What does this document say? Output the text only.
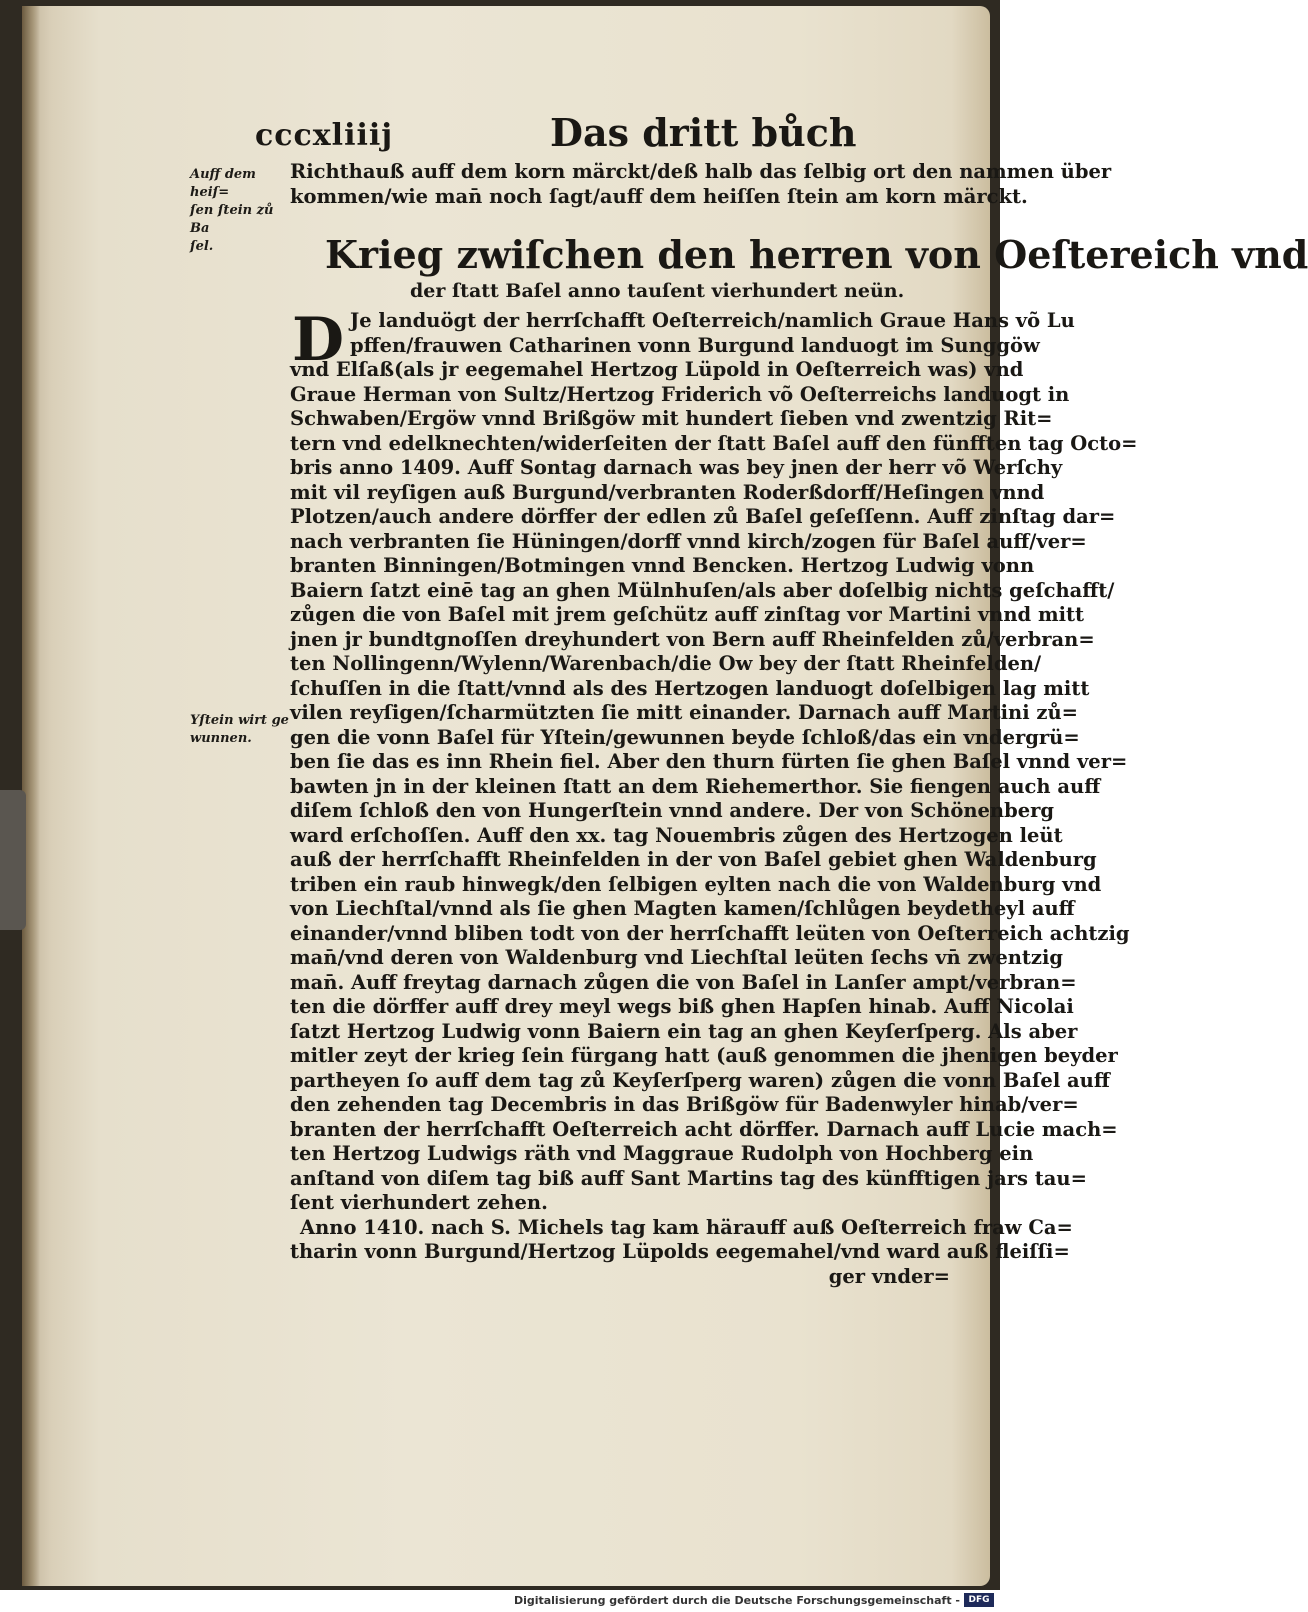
cccxliiij	Das dritt bůch
Auff dem heiſ=
ſen ſtein zů Ba
ſel.
Yſtein wirt ge
wunnen.
Richthauß auff dem korn märckt/deß halb das ſelbig ort den nammen über
kommen/wie man̄ noch ſagt/auff dem heiſſen ſtein am korn märckt.
Krieg zwiſchen den herren von Oeſtereich vnd
der ſtatt Baſel anno tauſent vierhundert neün.
D Je landuögt der herrſchafft Oeſterreich/namlich Graue Hans võ Lu
pffen/frauwen Catharinen vonn Burgund landuogt im Sunggöw
vnd Elſaß(als jr eegemahel Hertzog Lüpold in Oeſterreich was) vnd
Graue Herman von Sultz/Hertzog Friderich võ Oeſterreichs landuogt in
Schwaben/Ergöw vnnd Brißgöw mit hundert ſieben vnd zwentzig Rit=
tern vnd edelknechten/widerſeiten der ſtatt Baſel auff den fünfften tag Octo=
bris anno 1409. Auff Sontag darnach was bey jnen der herr võ Werſchy
mit vil reyſigen auß Burgund/verbranten Roderßdorff/Heſingen vnnd
Plotzen/auch andere dörffer der edlen zů Baſel geſeſſenn. Auff zinſtag dar=
nach verbranten ſie Hüningen/dorff vnnd kirch/zogen für Baſel auff/ver=
branten Binningen/Botmingen vnnd Bencken. Hertzog Ludwig vonn
Baiern ſatzt einē tag an ghen Mülnhuſen/als aber doſelbig nichts geſchafft/
zůgen die von Baſel mit jrem geſchütz auff zinſtag vor Martini vnnd mitt
jnen jr bundtgnoſſen dreyhundert von Bern auff Rheinfelden zů/verbran=
ten Nollingenn/Wylenn/Warenbach/die Ow bey der ſtatt Rheinfelden/
ſchuſſen in die ſtatt/vnnd als des Hertzogen landuogt doſelbigen lag mitt
vilen reyſigen/ſcharmützten ſie mitt einander. Darnach auff Martini zů=
gen die vonn Baſel für Yſtein/gewunnen beyde ſchloß/das ein vndergrü=
ben ſie das es inn Rhein fiel. Aber den thurn fürten ſie ghen Baſel vnnd ver=
bawten jn in der kleinen ſtatt an dem Riehemerthor. Sie fiengen auch auff
diſem ſchloß den von Hungerſtein vnnd andere. Der von Schönenberg
ward erſchoſſen. Auff den xx. tag Nouembris zůgen des Hertzogen leüt
auß der herrſchafft Rheinfelden in der von Baſel gebiet ghen Waldenburg
triben ein raub hinwegk/den ſelbigen eylten nach die von Waldenburg vnd
von Liechſtal/vnnd als ſie ghen Magten kamen/ſchlůgen beydetheyl auff
einander/vnnd bliben todt von der herrſchafft leüten von Oeſterreich achtzig
man̄/vnd deren von Waldenburg vnd Liechſtal leüten ſechs vn̄ zwentzig
man̄. Auff freytag darnach zůgen die von Baſel in Lanſer ampt/verbran=
ten die dörffer auff drey meyl wegs biß ghen Hapſen hinab. Auff Nicolai
ſatzt Hertzog Ludwig vonn Baiern ein tag an ghen Keyſerſperg. Als aber
mitler zeyt der krieg ſein fürgang hatt (auß genommen die jhenigen beyder
partheyen ſo auff dem tag zů Keyſerſperg waren) zůgen die vonn Baſel auff
den zehenden tag Decembris in das Brißgöw für Badenwyler hinab/ver=
branten der herrſchafft Oeſterreich acht dörffer. Darnach auff Lucie mach=
ten Hertzog Ludwigs räth vnd Maggraue Rudolph von Hochberg ein
anſtand von diſem tag biß auff Sant Martins tag des künfftigen jars tau=
ſent vierhundert zehen.
Anno 1410. nach S. Michels tag kam härauff auß Oeſterreich fraw Ca=
tharin vonn Burgund/Hertzog Lüpolds eegemahel/vnd ward auß fleiſſi=
ger vnder=
Digitalisierung gefördert durch die Deutsche Forschungsgemeinschaft - DFG
